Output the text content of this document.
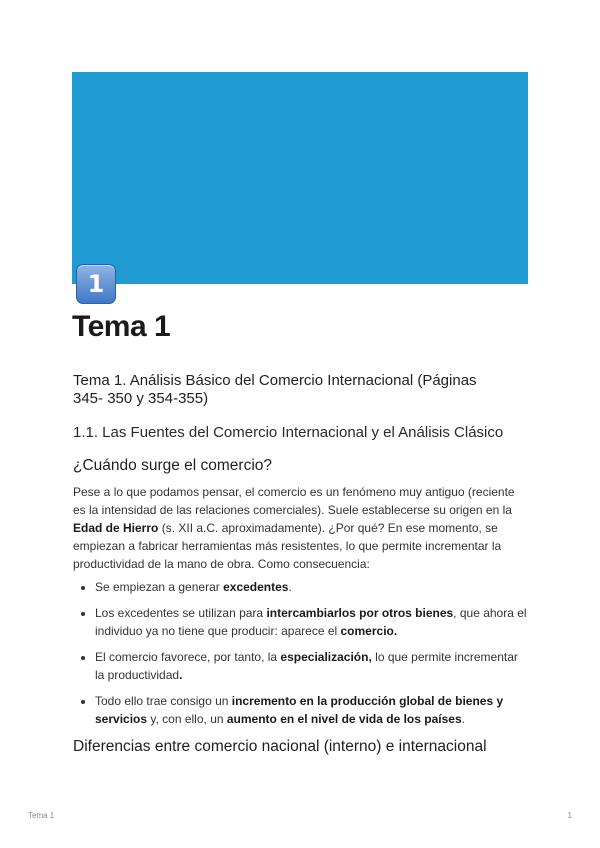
1
Tema 1
Tema 1. Análisis Básico del Comercio Internacional (Páginas
345- 350 y 354-355)
1.1. Las Fuentes del Comercio Internacional y el Análisis Clásico
¿Cuándo surge el comercio?

Pese a lo que podamos pensar, el comercio es un fenómeno muy antiguo (reciente es la intensidad de las relaciones comerciales). Suele establecerse su origen en la Edad de Hierro (s. XII a.C. aproximadamente). ¿Por qué? En ese momento, se empiezan a fabricar herramientas más resistentes, lo que permite incrementar la productividad de la mano de obra. Como consecuencia:

• Se empiezan a generar excedentes.
• Los excedentes se utilizan para intercambiarlos por otros bienes, que ahora el individuo ya no tiene que producir: aparece el comercio.
• El comercio favorece, por tanto, la especialización, lo que permite incrementar la productividad.
• Todo ello trae consigo un incremento en la producción global de bienes y servicios y, con ello, un aumento en el nivel de vida de los países.
Diferencias entre comercio nacional (interno) e internacional
Tema 1	1
